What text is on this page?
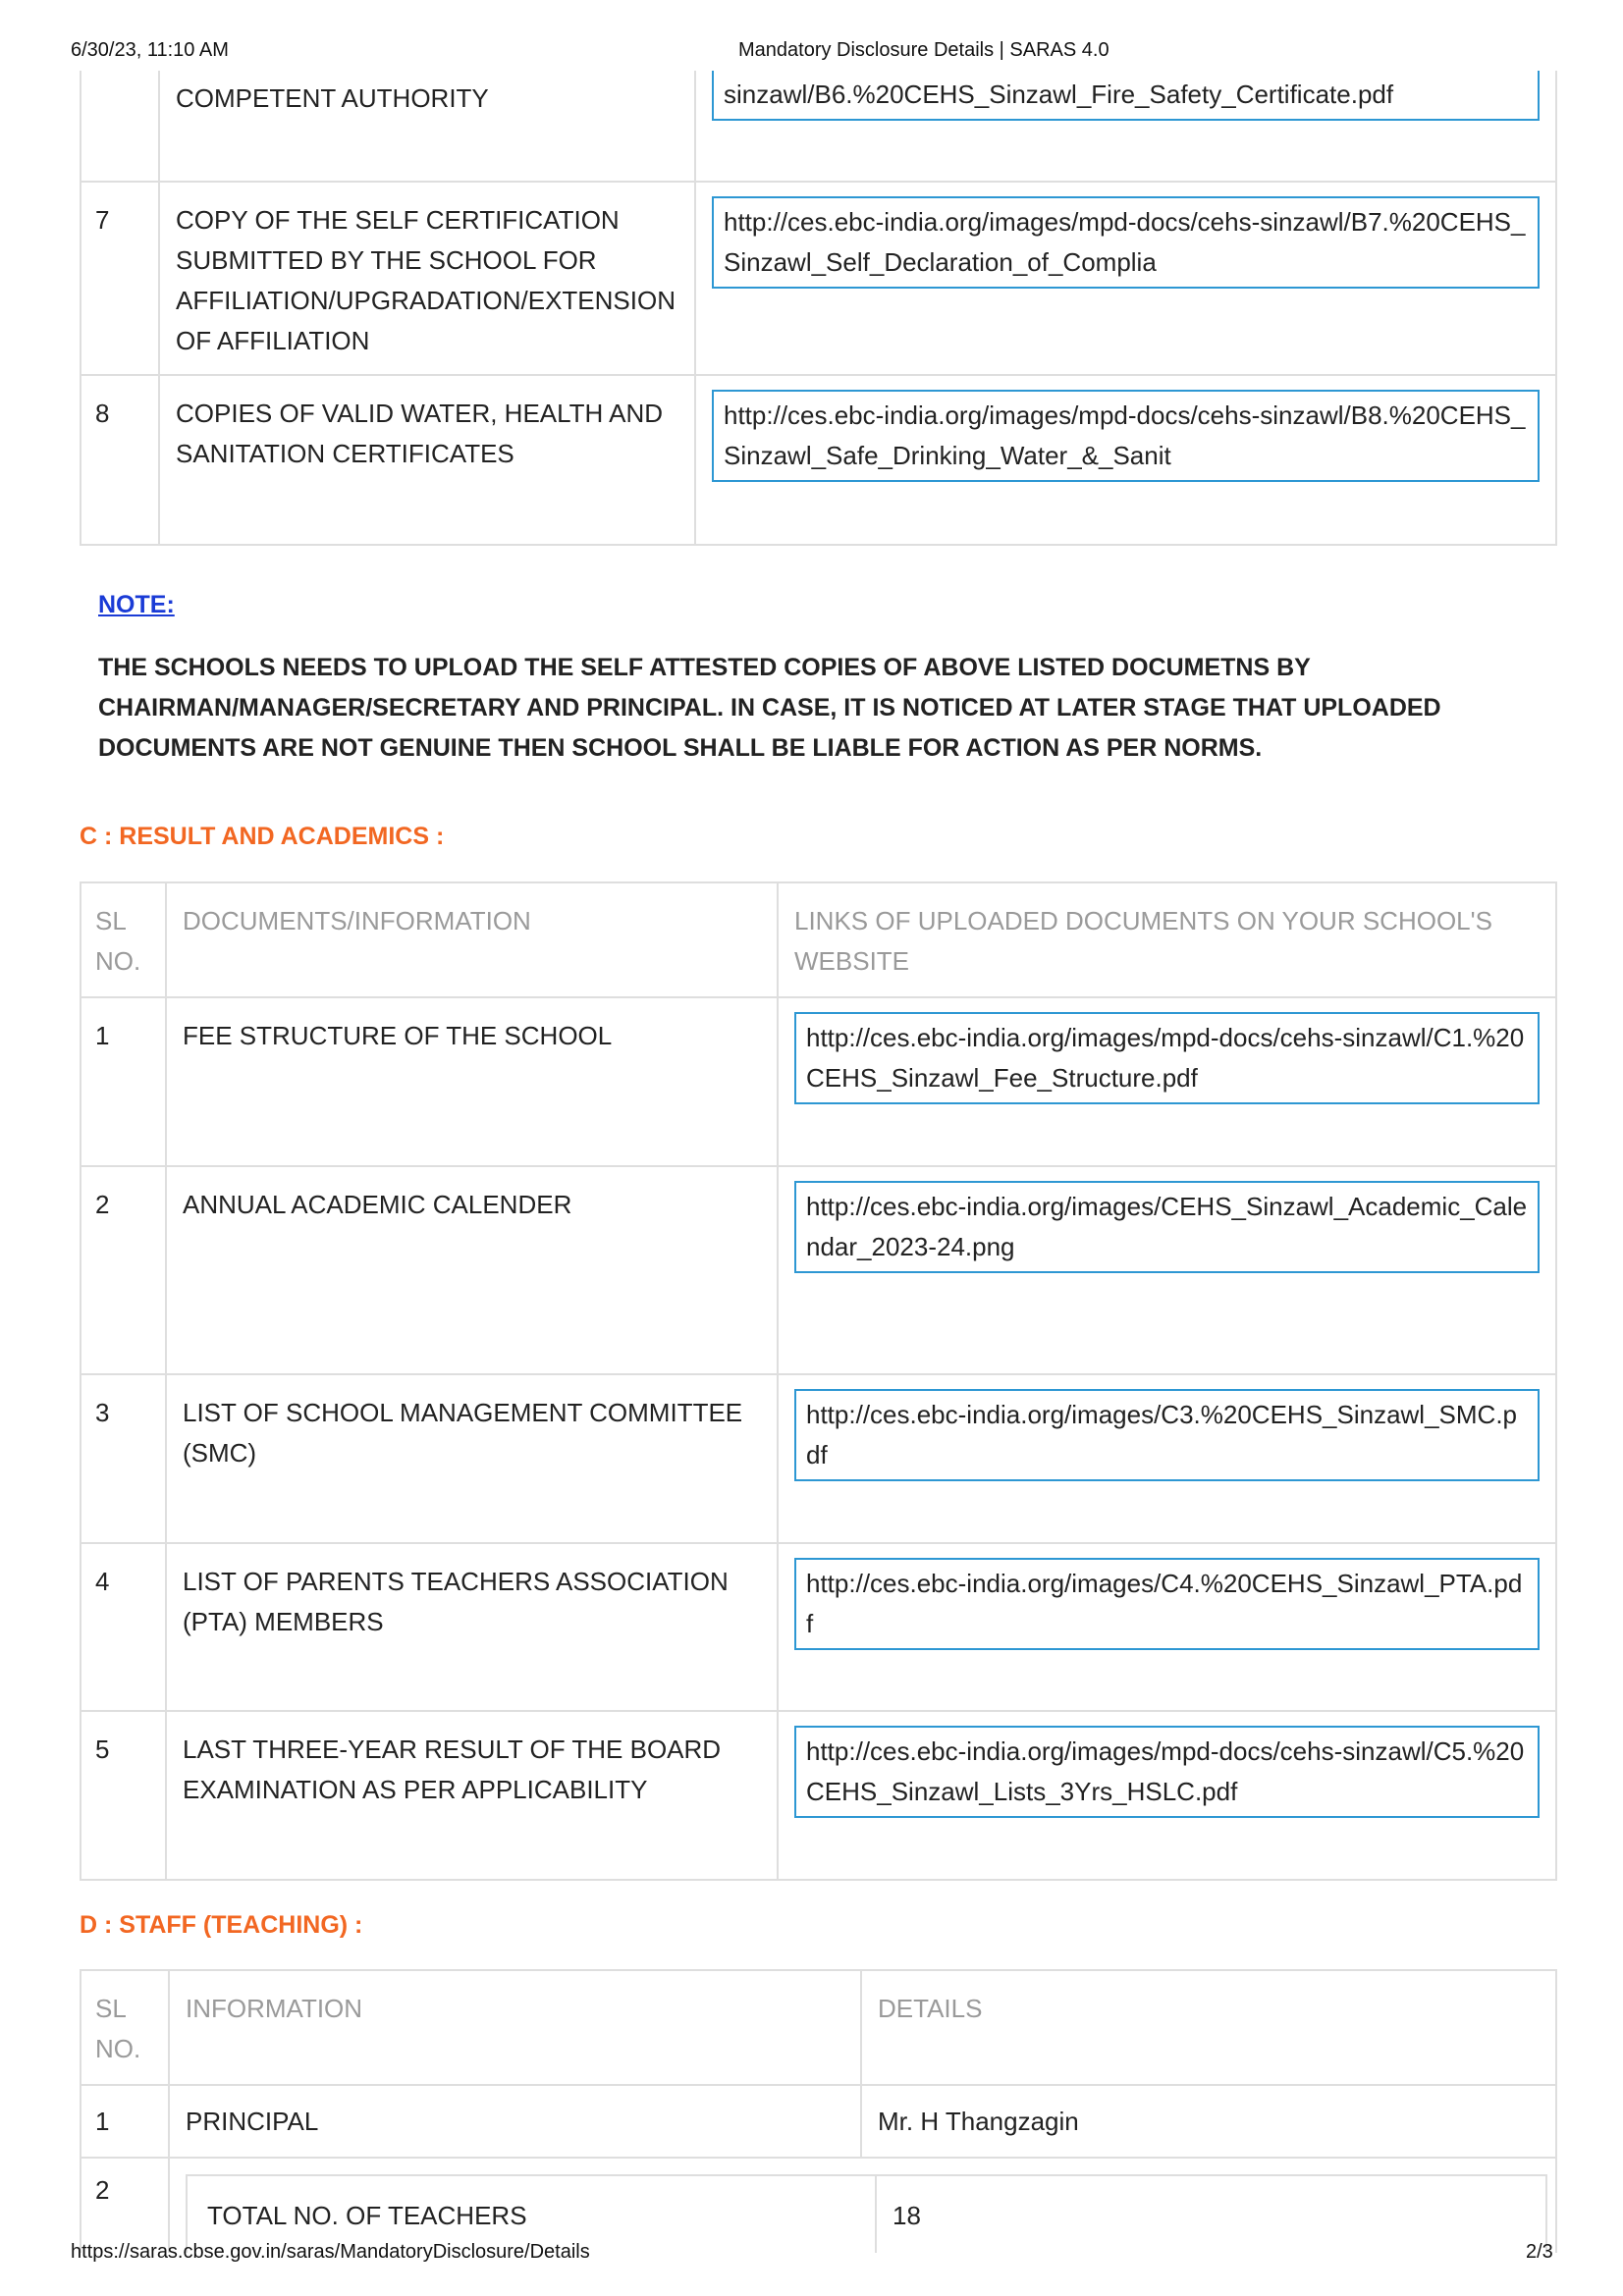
6/30/23, 11:10 AM	Mandatory Disclosure Details | SARAS 4.0
	COMPETENT AUTHORITY	sinzawl/B6.%20CEHS_Sinzawl_Fire_Safety_Certificate.pdf

7	COPY OF THE SELF CERTIFICATION SUBMITTED BY THE SCHOOL FOR AFFILIATION/UPGRADATION/EXTENSION OF AFFILIATION	http://ces.ebc-india.org/images/mpd-docs/cehs-sinzawl/B7.%20CEHS_Sinzawl_Self_Declaration_of_Complia

8	COPIES OF VALID WATER, HEALTH AND SANITATION CERTIFICATES	http://ces.ebc-india.org/images/mpd-docs/cehs-sinzawl/B8.%20CEHS_Sinzawl_Safe_Drinking_Water_&_Sanit
NOTE:
THE SCHOOLS NEEDS TO UPLOAD THE SELF ATTESTED COPIES OF ABOVE LISTED DOCUMETNS BY CHAIRMAN/MANAGER/SECRETARY AND PRINCIPAL. IN CASE, IT IS NOTICED AT LATER STAGE THAT UPLOADED DOCUMENTS ARE NOT GENUINE THEN SCHOOL SHALL BE LIABLE FOR ACTION AS PER NORMS.
C : RESULT AND ACADEMICS :
SL NO.	DOCUMENTS/INFORMATION	LINKS OF UPLOADED DOCUMENTS ON YOUR SCHOOL'S WEBSITE
1	FEE STRUCTURE OF THE SCHOOL	http://ces.ebc-india.org/images/mpd-docs/cehs-sinzawl/C1.%20CEHS_Sinzawl_Fee_Structure.pdf

2	ANNUAL ACADEMIC CALENDER	http://ces.ebc-india.org/images/CEHS_Sinzawl_Academic_Calendar_2023-24.png

3	LIST OF SCHOOL MANAGEMENT COMMITTEE (SMC)	http://ces.ebc-india.org/images/C3.%20CEHS_Sinzawl_SMC.pdf

4	LIST OF PARENTS TEACHERS ASSOCIATION (PTA) MEMBERS	http://ces.ebc-india.org/images/C4.%20CEHS_Sinzawl_PTA.pdf

5	LAST THREE-YEAR RESULT OF THE BOARD EXAMINATION AS PER APPLICABILITY	http://ces.ebc-india.org/images/mpd-docs/cehs-sinzawl/C5.%20CEHS_Sinzawl_Lists_3Yrs_HSLC.pdf
D : STAFF (TEACHING) :
SL NO.	INFORMATION	DETAILS
1	PRINCIPAL	Mr. H Thangzagin
2	TOTAL NO. OF TEACHERS 18	
https://saras.cbse.gov.in/saras/MandatoryDisclosure/Details	2/3
